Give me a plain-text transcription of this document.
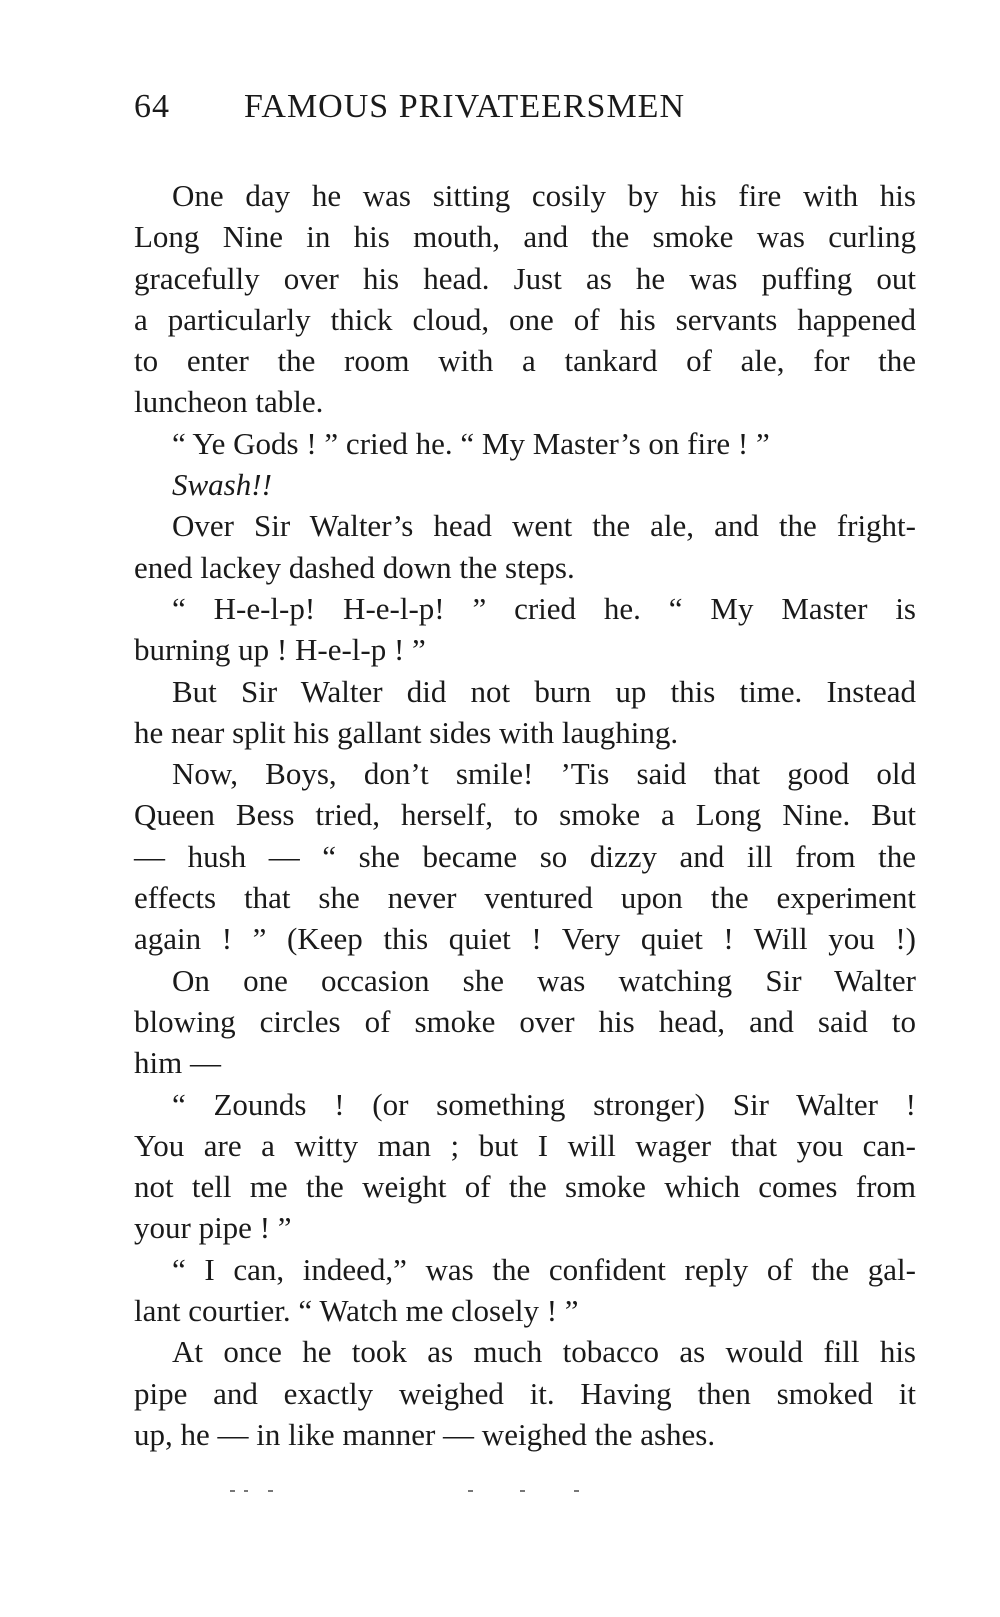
64 FAMOUS PRIVATEERSMEN
One day he was sitting cosily by his fire with his
Long Nine in his mouth, and the smoke was curling
gracefully over his head. Just as he was puffing out
a particularly thick cloud, one of his servants happened
to enter the room with a tankard of ale, for the
luncheon table.
“ Ye Gods ! ” cried he. “ My Master’s on fire ! ”
Swash!!
Over Sir Walter’s head went the ale, and the fright-
ened lackey dashed down the steps.
“ H-e-l-p! H-e-l-p! ” cried he. “ My Master is
burning up ! H-e-l-p ! ”
But Sir Walter did not burn up this time. Instead
he near split his gallant sides with laughing.
Now, Boys, don’t smile! ’Tis said that good old
Queen Bess tried, herself, to smoke a Long Nine. But
— hush — “ she became so dizzy and ill from the
effects that she never ventured upon the experiment
again ! ” (Keep this quiet ! Very quiet ! Will you !)
On one occasion she was watching Sir Walter
blowing circles of smoke over his head, and said to
him —
“ Zounds ! (or something stronger) Sir Walter !
You are a witty man ; but I will wager that you can-
not tell me the weight of the smoke which comes from
your pipe ! ”
“ I can, indeed,” was the confident reply of the gal-
lant courtier. “ Watch me closely ! ”
At once he took as much tobacco as would fill his
pipe and exactly weighed it. Having then smoked it
up, he — in like manner — weighed the ashes.
